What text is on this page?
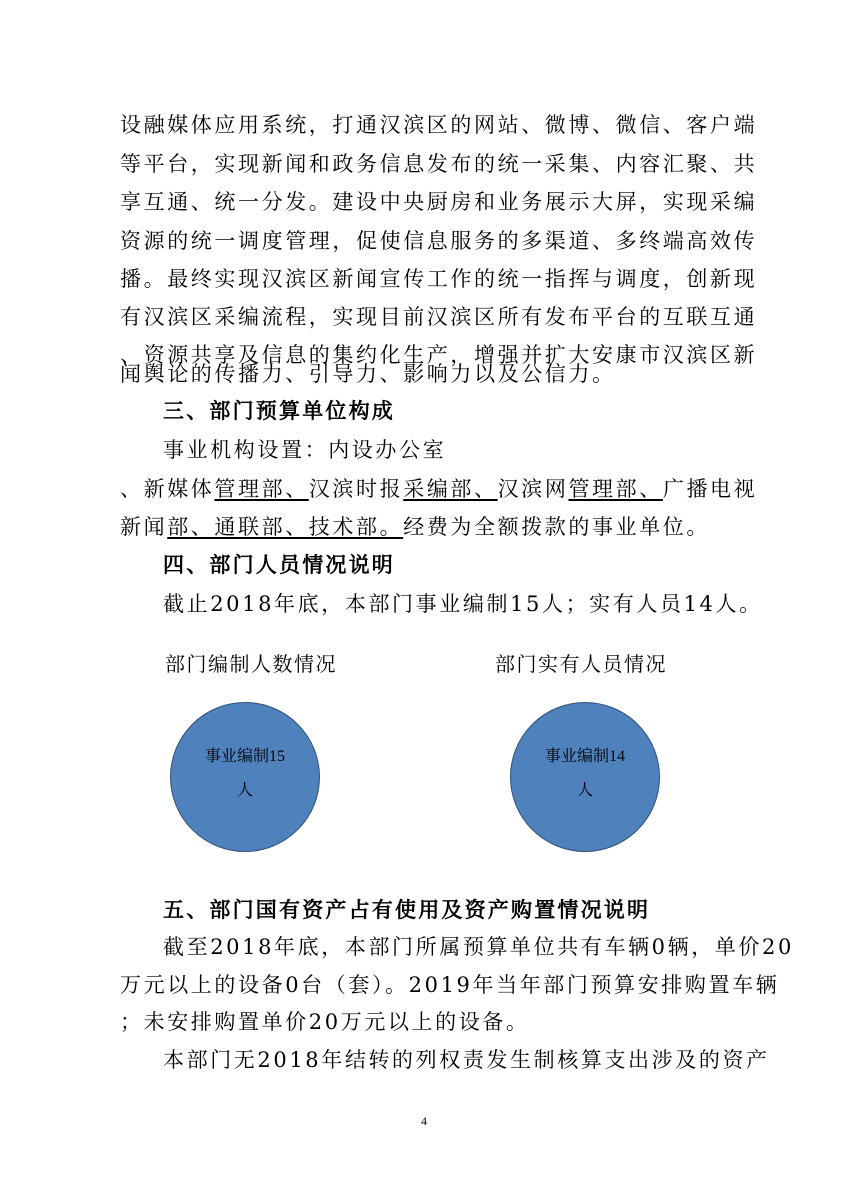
设融媒体应用系统，打通汉滨区的网站、微博、微信、客户端
等平台，实现新闻和政务信息发布的统一采集、内容汇聚、共
享互通、统一分发。建设中央厨房和业务展示大屏，实现采编
资源的统一调度管理，促使信息服务的多渠道、多终端高效传
播。最终实现汉滨区新闻宣传工作的统一指挥与调度，创新现
有汉滨区采编流程，实现目前汉滨区所有发布平台的互联互通
、资源共享及信息的集约化生产，增强并扩大安康市汉滨区新
闻舆论的传播力、引导力、影响力以及公信力。
三、部门预算单位构成
事业机构设置：内设办公室
、新媒体管理部、汉滨时报采编部、汉滨网管理部、广播电视
新闻部、通联部、技术部。经费为全额拨款的事业单位。
四、部门人员情况说明
截止2018年底，本部门事业编制15人；实有人员14人。
部门编制人数情况	部门实有人员情况
事业编制15
人
事业编制14
人
五、部门国有资产占有使用及资产购置情况说明
截至2018年底，本部门所属预算单位共有车辆0辆，单价20
万元以上的设备0台（套）。2019年当年部门预算安排购置车辆
；未安排购置单价20万元以上的设备。
本部门无2018年结转的列权责发生制核算支出涉及的资产
4
